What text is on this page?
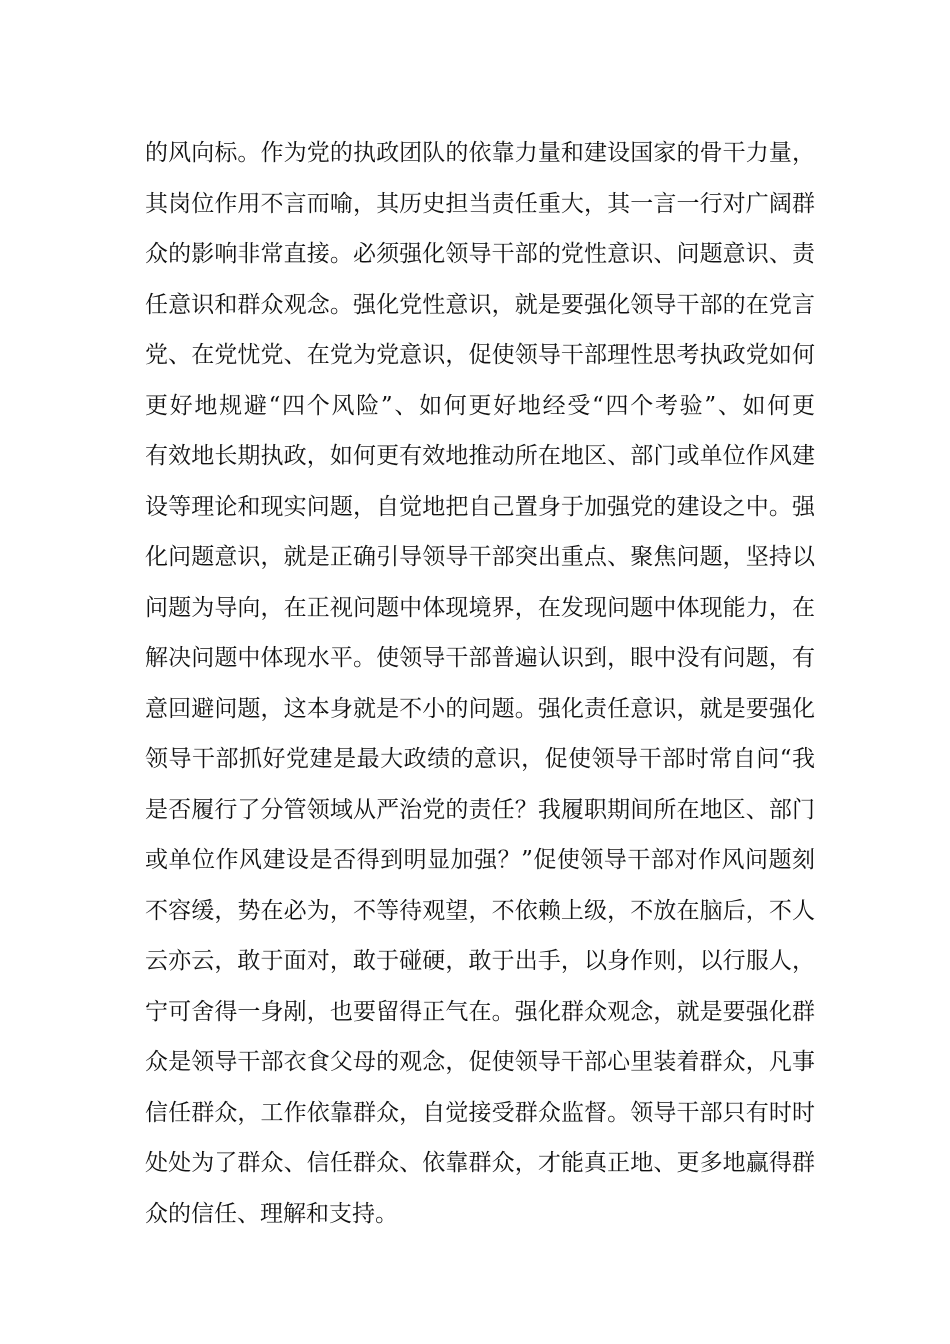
的风向标。作为党的执政团队的依靠力量和建设国家的骨干力量，
其岗位作用不言而喻，其历史担当责任重大，其一言一行对广阔群
众的影响非常直接。必须强化领导干部的党性意识、问题意识、责
任意识和群众观念。强化党性意识，就是要强化领导干部的在党言
党、在党忧党、在党为党意识，促使领导干部理性思考执政党如何
更好地规避“四个风险”、如何更好地经受“四个考验”、如何更
有效地长期执政，如何更有效地推动所在地区、部门或单位作风建
设等理论和现实问题，自觉地把自己置身于加强党的建设之中。强
化问题意识，就是正确引导领导干部突出重点、聚焦问题，坚持以
问题为导向，在正视问题中体现境界，在发现问题中体现能力，在
解决问题中体现水平。使领导干部普遍认识到，眼中没有问题，有
意回避问题，这本身就是不小的问题。强化责任意识，就是要强化
领导干部抓好党建是最大政绩的意识，促使领导干部时常自问“我
是否履行了分管领域从严治党的责任？我履职期间所在地区、部门
或单位作风建设是否得到明显加强？”促使领导干部对作风问题刻
不容缓，势在必为，不等待观望，不依赖上级，不放在脑后，不人
云亦云，敢于面对，敢于碰硬，敢于出手，以身作则，以行服人，
宁可舍得一身剐，也要留得正气在。强化群众观念，就是要强化群
众是领导干部衣食父母的观念，促使领导干部心里装着群众，凡事
信任群众，工作依靠群众，自觉接受群众监督。领导干部只有时时
处处为了群众、信任群众、依靠群众，才能真正地、更多地赢得群
众的信任、理解和支持。
